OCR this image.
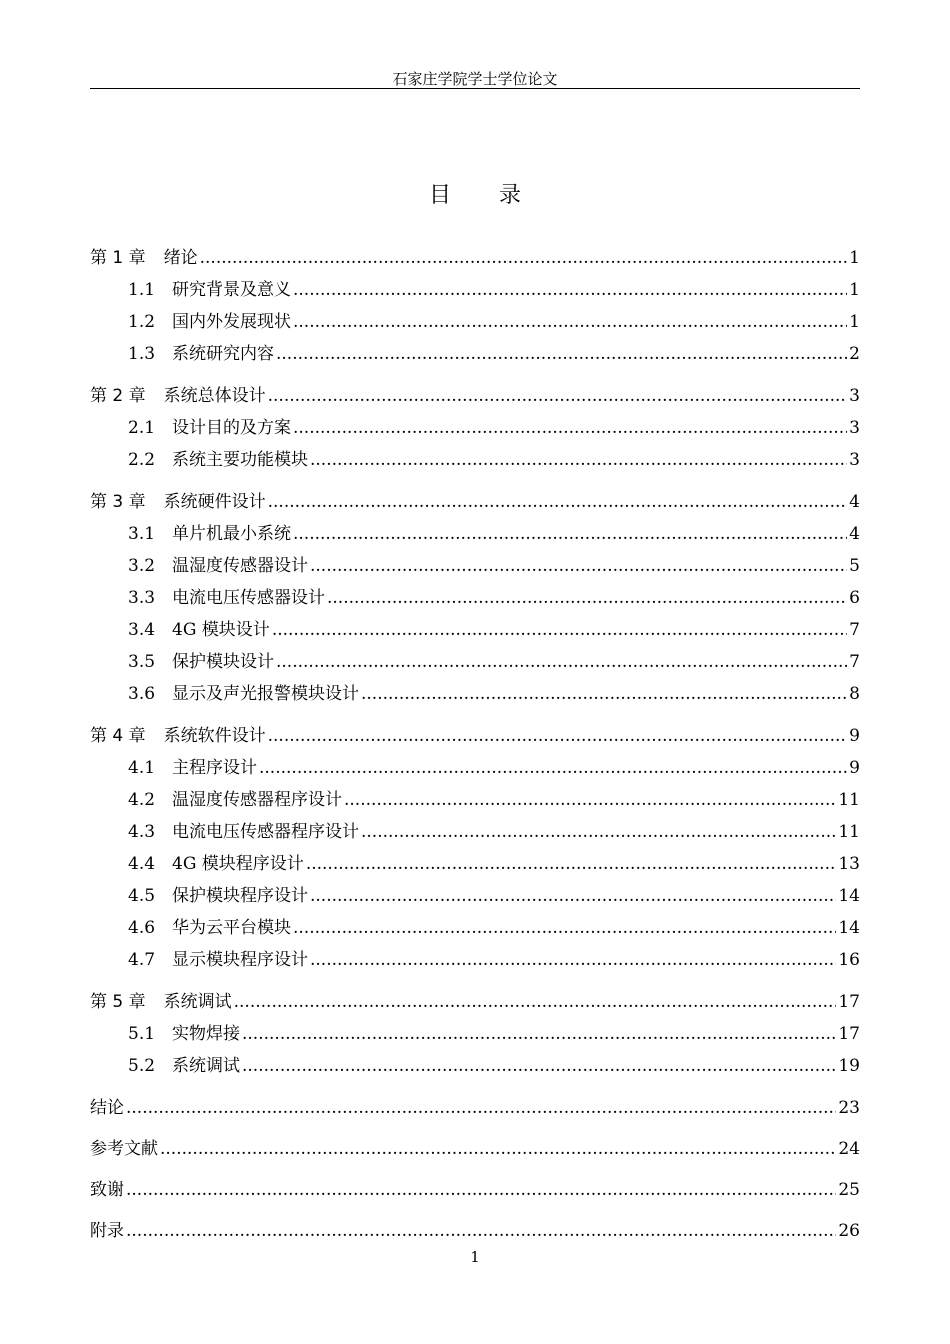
石家庄学院学士学位论文
目录
第 1 章 绪论 .....	1
1.1 研究背景及意义 .....	1
1.2 国内外发展现状 .....	1
1.3 系统研究内容 .....	2
第 2 章 系统总体设计 .....	3
2.1 设计目的及方案 .....	3
2.2 系统主要功能模块 .....	3
第 3 章 系统硬件设计 .....	4
3.1 单片机最小系统 .....	4
3.2 温湿度传感器设计 .....	5
3.3 电流电压传感器设计 .....	6
3.4 4G 模块设计 .....	7
3.5 保护模块设计 .....	7
3.6 显示及声光报警模块设计 .....	8
第 4 章 系统软件设计 .....	9
4.1 主程序设计 .....	9
4.2 温湿度传感器程序设计 .....	11
4.3 电流电压传感器程序设计 .....	11
4.4 4G 模块程序设计 .....	13
4.5 保护模块程序设计 .....	14
4.6 华为云平台模块 .....	14
4.7 显示模块程序设计 .....	16
第 5 章 系统调试 .....	17
5.1 实物焊接 .....	17
5.2 系统调试 .....	19
结论 .....	23
参考文献 .....	24
致谢 .....	25
附录 .....	26
1
